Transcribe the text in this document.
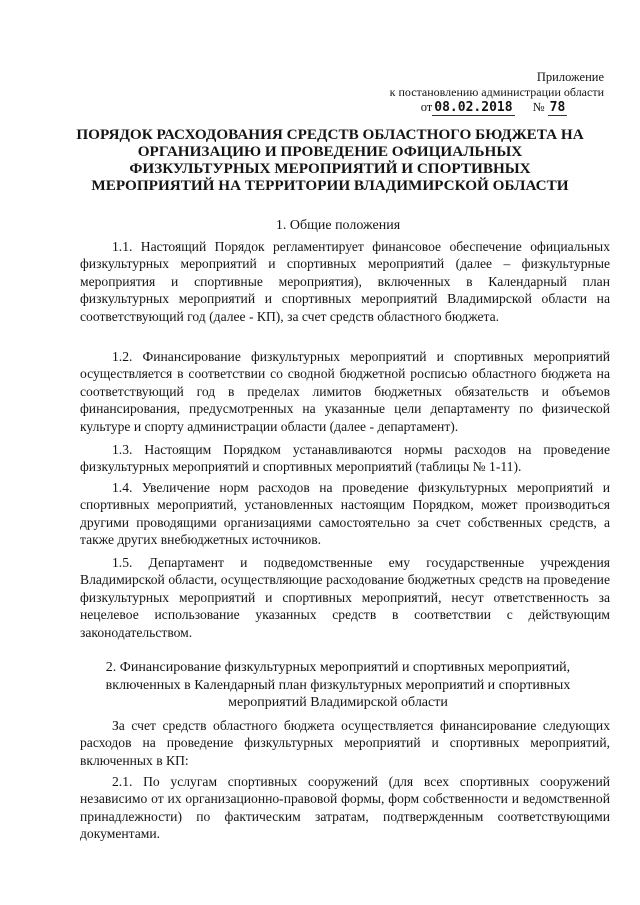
Приложение
к постановлению администрации области
от 08.02.2018 № 78
ПОРЯДОК РАСХОДОВАНИЯ СРЕДСТВ ОБЛАСТНОГО БЮДЖЕТА НА ОРГАНИЗАЦИЮ И ПРОВЕДЕНИЕ ОФИЦИАЛЬНЫХ ФИЗКУЛЬТУРНЫХ МЕРОПРИЯТИЙ И СПОРТИВНЫХ МЕРОПРИЯТИЙ НА ТЕРРИТОРИИ ВЛАДИМИРСКОЙ ОБЛАСТИ
1. Общие положения

1.1. Настоящий Порядок регламентирует финансовое обеспечение официальных физкультурных мероприятий и спортивных мероприятий (далее – физкультурные мероприятия и спортивные мероприятия), включенных в Календарный план физкультурных мероприятий и спортивных мероприятий Владимирской области на соответствующий год (далее - КП), за счет средств областного бюджета.

1.2. Финансирование физкультурных мероприятий и спортивных мероприятий осуществляется в соответствии со сводной бюджетной росписью областного бюджета на соответствующий год в пределах лимитов бюджетных обязательств и объемов финансирования, предусмотренных на указанные цели департаменту по физической культуре и спорту администрации области (далее - департамент).

1.3. Настоящим Порядком устанавливаются нормы расходов на проведение физкультурных мероприятий и спортивных мероприятий (таблицы № 1-11).

1.4. Увеличение норм расходов на проведение физкультурных мероприятий и спортивных мероприятий, установленных настоящим Порядком, может производиться другими проводящими организациями самостоятельно за счет собственных средств, а также других внебюджетных источников.

1.5. Департамент и подведомственные ему государственные учреждения Владимирской области, осуществляющие расходование бюджетных средств на проведение физкультурных мероприятий и спортивных мероприятий, несут ответственность за нецелевое использование указанных средств в соответствии с действующим законодательством.

2. Финансирование физкультурных мероприятий и спортивных мероприятий, включенных в Календарный план физкультурных мероприятий и спортивных мероприятий Владимирской области

За счет средств областного бюджета осуществляется финансирование следующих расходов на проведение физкультурных мероприятий и спортивных мероприятий, включенных в КП:

2.1. По услугам спортивных сооружений (для всех спортивных сооружений независимо от их организационно-правовой формы, форм собственности и ведомственной принадлежности) по фактическим затратам, подтвержденным соответствующими документами.
